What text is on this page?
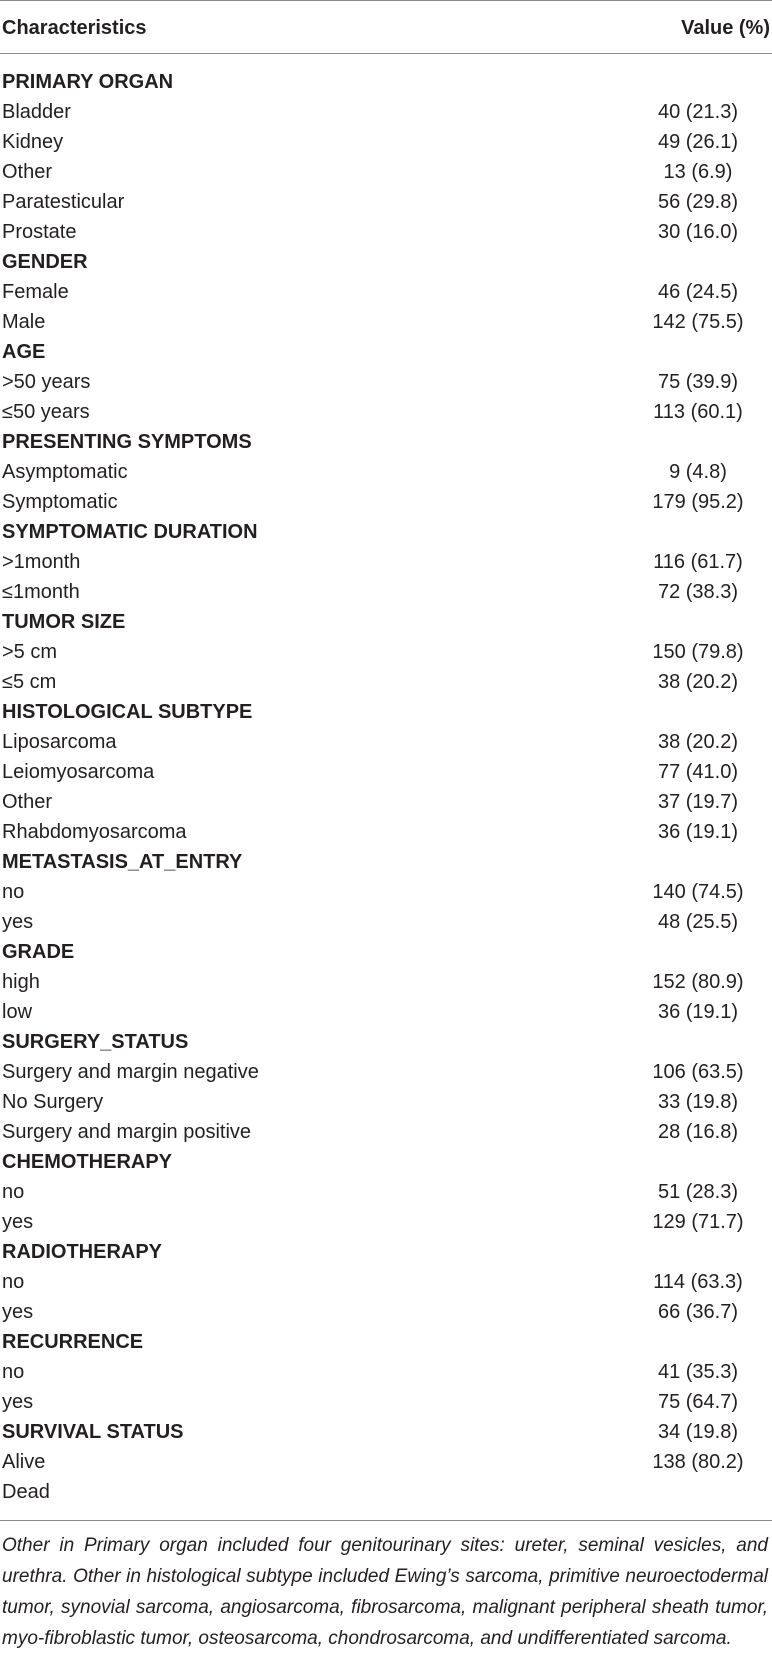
Characteristics	Value (%)
PRIMARY ORGAN
Bladder	40 (21.3)
Kidney	49 (26.1)
Other	13 (6.9)
Paratesticular	56 (29.8)
Prostate	30 (16.0)
GENDER
Female	46 (24.5)
Male	142 (75.5)
AGE
>50 years	75 (39.9)
≤50 years	113 (60.1)
PRESENTING SYMPTOMS
Asymptomatic	9 (4.8)
Symptomatic	179 (95.2)
SYMPTOMATIC DURATION
>1month	116 (61.7)
≤1month	72 (38.3)
TUMOR SIZE
>5 cm	150 (79.8)
≤5 cm	38 (20.2)
HISTOLOGICAL SUBTYPE
Liposarcoma	38 (20.2)
Leiomyosarcoma	77 (41.0)
Other	37 (19.7)
Rhabdomyosarcoma	36 (19.1)
METASTASIS_AT_ENTRY
no	140 (74.5)
yes	48 (25.5)
GRADE
high	152 (80.9)
low	36 (19.1)
SURGERY_STATUS
Surgery and margin negative	106 (63.5)
No Surgery	33 (19.8)
Surgery and margin positive	28 (16.8)
CHEMOTHERAPY
no	51 (28.3)
yes	129 (71.7)
RADIOTHERAPY
no	114 (63.3)
yes	66 (36.7)
RECURRENCE
no	41 (35.3)
yes	75 (64.7)
SURVIVAL STATUS	34 (19.8)
Alive	138 (80.2)
Dead
Other in Primary organ included four genitourinary sites: ureter, seminal vesicles, and urethra. Other in histological subtype included Ewing’s sarcoma, primitive neuroectodermal tumor, synovial sarcoma, angiosarcoma, fibrosarcoma, malignant peripheral sheath tumor, myo-fibroblastic tumor, osteosarcoma, chondrosarcoma, and undifferentiated sarcoma.
